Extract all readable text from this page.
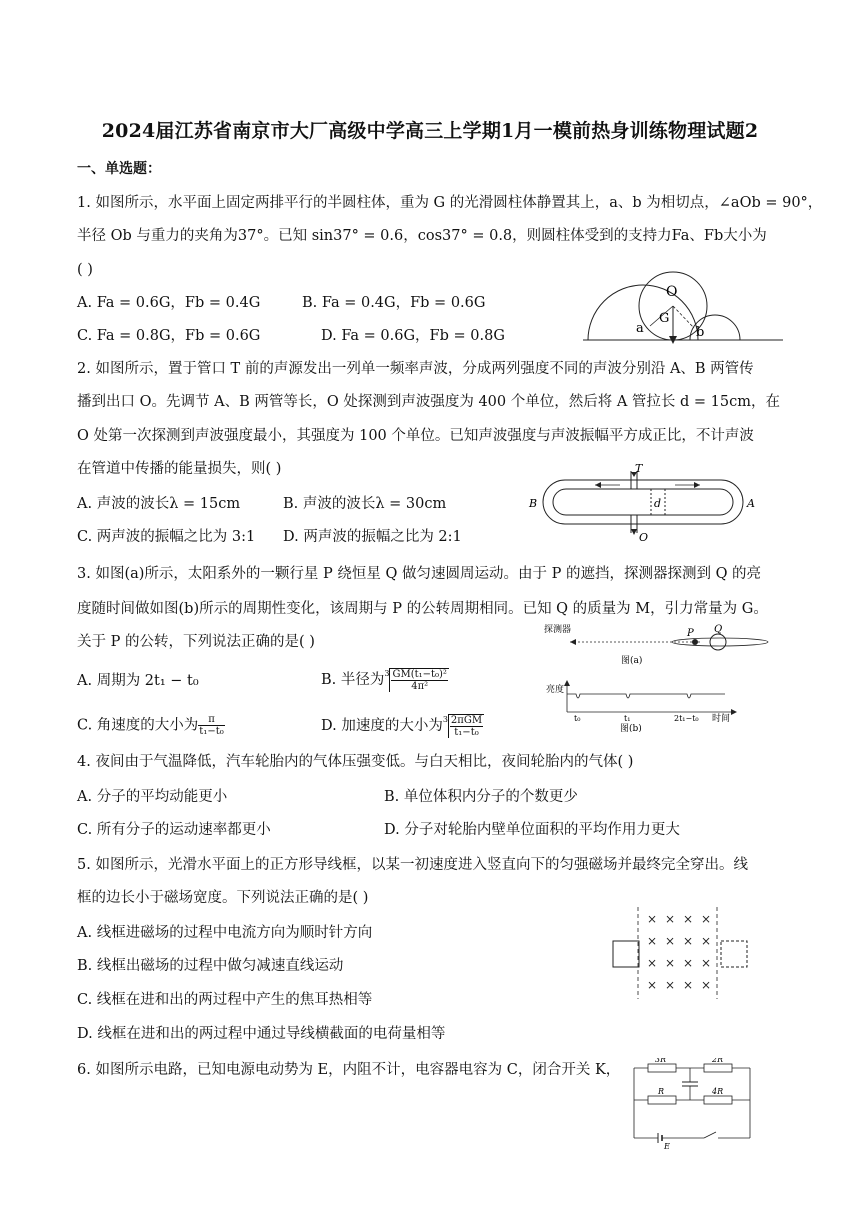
2024届江苏省南京市大厂高级中学高三上学期1月一模前热身训练物理试题2
一、单选题：
1. 如图所示，水平面上固定两排平行的半圆柱体，重为 G 的光滑圆柱体静置其上，a、b 为相切点，∠aOb = 90°，
半径 Ob 与重力的夹角为37°。已知 sin37° = 0.6，cos37° = 0.8，则圆柱体受到的支持力Fa、Fb大小为
( )
A. Fa = 0.6G，Fb = 0.4G	B. Fa = 0.4G，Fb = 0.6G
C. Fa = 0.8G，Fb = 0.6G	D. Fa = 0.6G，Fb = 0.8G
O
G
a	b
2. 如图所示，置于管口 T 前的声源发出一列单一频率声波，分成两列强度不同的声波分别沿 A、B 两管传
播到出口 O。先调节 A、B 两管等长，O 处探测到声波强度为 400 个单位，然后将 A 管拉长 d = 15cm，在
O 处第一次探测到声波强度最小，其强度为 100 个单位。已知声波强度与声波振幅平方成正比，不计声波
在管道中传播的能量损失，则( )
A. 声波的波长λ = 15cm	B. 声波的波长λ = 30cm
C. 两声波的振幅之比为 3:1 D. 两声波的振幅之比为 2:1
T
B	A
d
O
3. 如图(a)所示，太阳系外的一颗行星 P 绕恒星 Q 做匀速圆周运动。由于 P 的遮挡，探测器探测到 Q 的亮
度随时间做如图(b)所示的周期性变化，该周期与 P 的公转周期相同。已知 Q 的质量为 M，引力常量为 G。
关于 P 的公转，下列说法正确的是( )
A. 周期为 2t₁ − t₀	B. 半径为$^3 \frac{\text{GM(t₁−t₀)²}}{\text{4π²}}$
C. 角速度的大小为 $\frac{\pi}{\text{t₁−t₀}}$	D. 加速度的大小为$^3 \frac{\text{2πGM}}{\text{t₁−t₀}}$
探测器	P Q
图(a)
亮度
t₀	t₁	2t₁−t₀ 时间
图(b)
4. 夜间由于气温降低，汽车轮胎内的气体压强变低。与白天相比，夜间轮胎内的气体( )
A. 分子的平均动能更小	B. 单位体积内分子的个数更少
C. 所有分子的运动速率都更小	D. 分子对轮胎内壁单位面积的平均作用力更大
5. 如图所示，光滑水平面上的正方形导线框，以某一初速度进入竖直向下的匀强磁场并最终完全穿出。线
框的边长小于磁场宽度。下列说法正确的是( )
A. 线框进磁场的过程中电流方向为顺时针方向
B. 线框出磁场的过程中做匀减速直线运动
C. 线框在进和出的两过程中产生的焦耳热相等
D. 线框在进和出的两过程中通过导线横截面的电荷量相等
× × × ×
× × × ×
× × × ×
× × × ×
6. 如图所示电路，已知电源电动势为 E，内阻不计，电容器电容为 C，闭合开关 K，
3R	2R
R	4R
E
